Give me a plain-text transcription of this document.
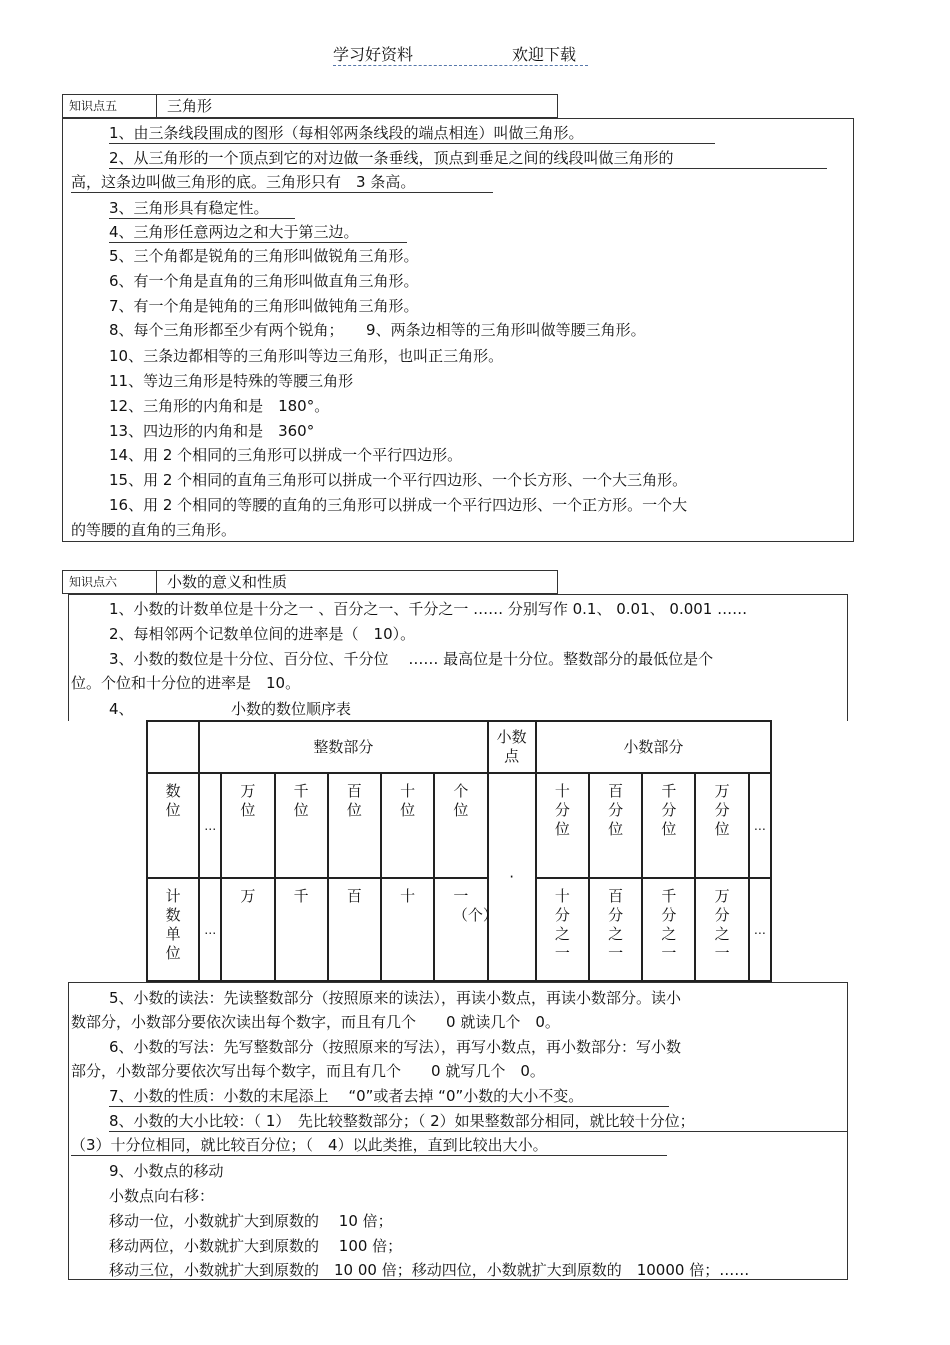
学习好资料	欢迎下载
知识点五	三角形
1、由三条线段围成的图形（每相邻两条线段的端点相连）叫做三角形。
2、从三角形的一个顶点到它的对边做一条垂线，顶点到垂足之间的线段叫做三角形的
高，这条边叫做三角形的底。三角形只有　3 条高。
3、三角形具有稳定性。
4、三角形任意两边之和大于第三边。
5、三个角都是锐角的三角形叫做锐角三角形。
6、有一个角是直角的三角形叫做直角三角形。
7、有一个角是钝角的三角形叫做钝角三角形。
8、每个三角形都至少有两个锐角；　　9、两条边相等的三角形叫做等腰三角形。
10、三条边都相等的三角形叫等边三角形，也叫正三角形。
11、等边三角形是特殊的等腰三角形
12、三角形的内角和是　180°。
13、四边形的内角和是　360°
14、用 2 个相同的三角形可以拼成一个平行四边形。
15、用 2 个相同的直角三角形可以拼成一个平行四边形、一个长方形、一个大三角形。
16、用 2 个相同的等腰的直角的三角形可以拼成一个平行四边形、一个正方形。一个大
的等腰的直角的三角形。
知识点六	小数的意义和性质
1、小数的计数单位是十分之一 、百分之一、千分之一 …… 分别写作 0.1、 0.01、 0.001 ……
2、每相邻两个记数单位间的进率是（　10）。
3、小数的数位是十分位、百分位、千分位　 …… 最高位是十分位。整数部分的最低位是个
位。个位和十分位的进率是　10。
4、　　　　　　　小数的数位顺序表
	整数部分						小数点	小数部分				
数位	…	万位	千位	百位	十位	个位	·	十分位	百分位	千分位	万分位	…
计数单位	…	万	千	百	十	一（个）		十分之一	百分之一	千分之一	万分之一	…
5、小数的读法：先读整数部分（按照原来的读法），再读小数点，再读小数部分。读小
数部分，小数部分要依次读出每个数字，而且有几个　　0 就读几个　0。
6、小数的写法：先写整数部分（按照原来的写法），再写小数点，再小数部分：写小数
部分，小数部分要依次写出每个数字，而且有几个　　0 就写几个　0。
7、小数的性质：小数的末尾添上　 “0”或者去掉 “0”小数的大小不变。
8、小数的大小比较：（ 1）　先比较整数部分；（ 2）如果整数部分相同，就比较十分位；
（3）十分位相同，就比较百分位；（　4）以此类推，直到比较出大小。
9、小数点的移动
小数点向右移：
移动一位，小数就扩大到原数的　 10 倍；
移动两位，小数就扩大到原数的　 100 倍；
移动三位，小数就扩大到原数的　10 00 倍；移动四位，小数就扩大到原数的　10000 倍；……
